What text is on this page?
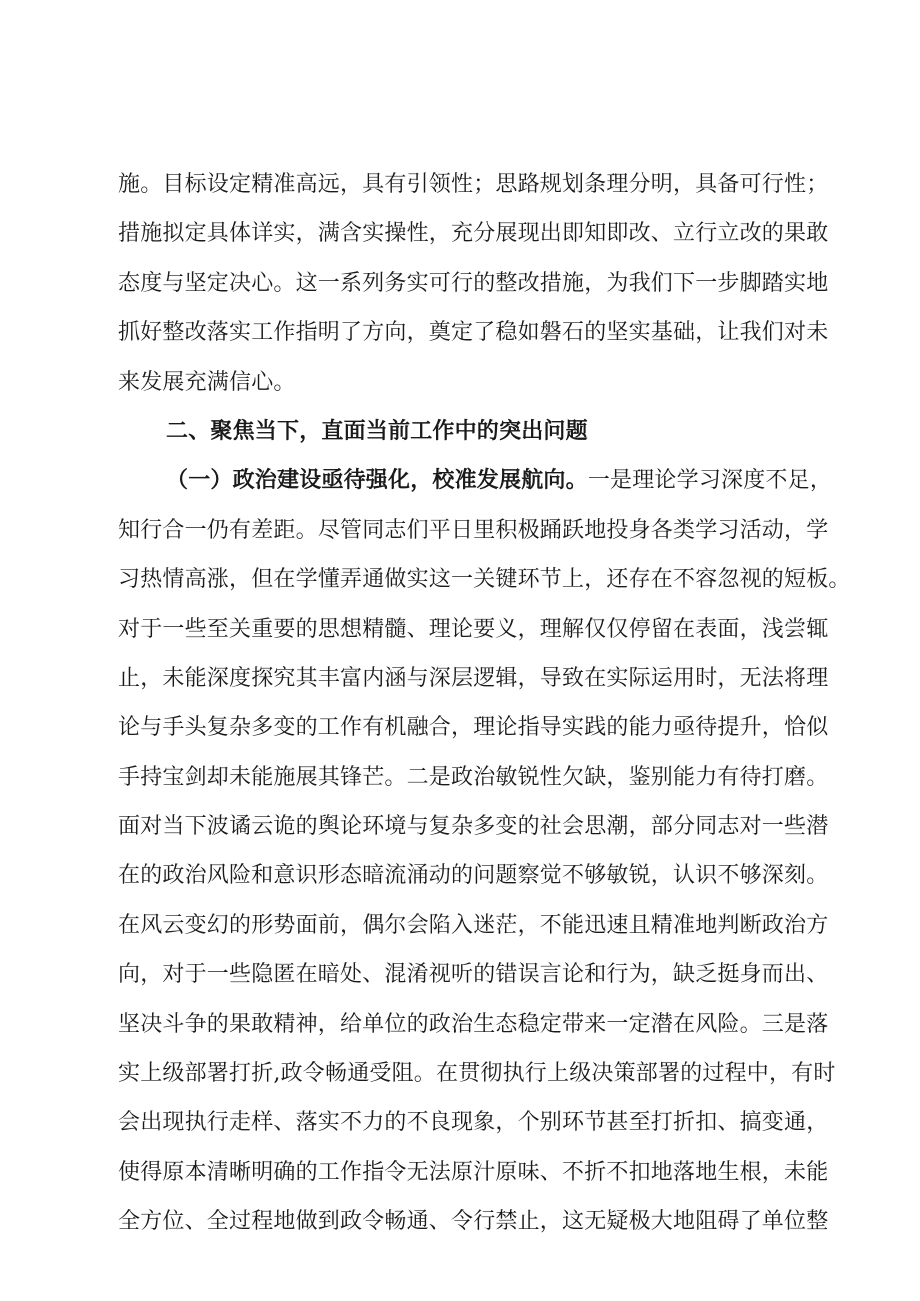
施。目标设定精准高远，具有引领性；思路规划条理分明，具备可行性；
措施拟定具体详实，满含实操性，充分展现出即知即改、立行立改的果敢
态度与坚定决心。这一系列务实可行的整改措施，为我们下一步脚踏实地
抓好整改落实工作指明了方向，奠定了稳如磐石的坚实基础，让我们对未
来发展充满信心。
二、聚焦当下，直面当前工作中的突出问题
（一）政治建设亟待强化，校准发展航向。一是理论学习深度不足，
知行合一仍有差距。尽管同志们平日里积极踊跃地投身各类学习活动，学
习热情高涨，但在学懂弄通做实这一关键环节上，还存在不容忽视的短板。
对于一些至关重要的思想精髓、理论要义，理解仅仅停留在表面，浅尝辄
止，未能深度探究其丰富内涵与深层逻辑，导致在实际运用时，无法将理
论与手头复杂多变的工作有机融合，理论指导实践的能力亟待提升，恰似
手持宝剑却未能施展其锋芒。二是政治敏锐性欠缺，鉴别能力有待打磨。
面对当下波谲云诡的舆论环境与复杂多变的社会思潮，部分同志对一些潜
在的政治风险和意识形态暗流涌动的问题察觉不够敏锐，认识不够深刻。
在风云变幻的形势面前，偶尔会陷入迷茫，不能迅速且精准地判断政治方
向，对于一些隐匿在暗处、混淆视听的错误言论和行为，缺乏挺身而出、
坚决斗争的果敢精神，给单位的政治生态稳定带来一定潜在风险。三是落
实上级部署打折,政令畅通受阻。在贯彻执行上级决策部署的过程中，有时
会出现执行走样、落实不力的不良现象，个别环节甚至打折扣、搞变通，
使得原本清晰明确的工作指令无法原汁原味、不折不扣地落地生根，未能
全方位、全过程地做到政令畅通、令行禁止，这无疑极大地阻碍了单位整
